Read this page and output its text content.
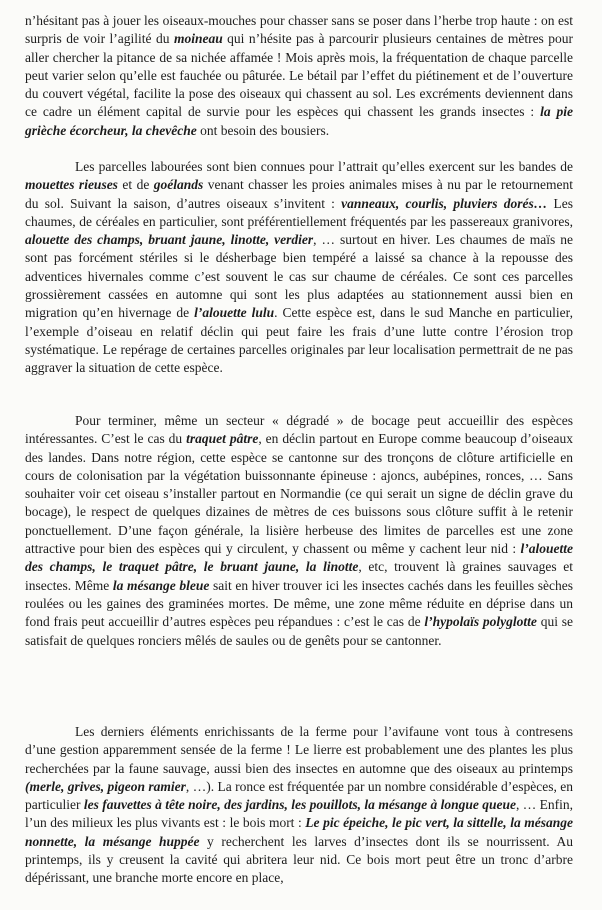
n’hésitant pas à jouer les oiseaux-mouches pour chasser sans se poser dans l’herbe trop haute : on est surpris de voir l’agilité du moineau qui n’hésite pas à parcourir plusieurs centaines de mètres pour aller chercher la pitance de sa nichée affamée ! Mois après mois, la fréquentation de chaque parcelle peut varier selon qu’elle est fauchée ou pâturée. Le bétail par l’effet du piétinement et de l’ouverture du couvert végétal, facilite la pose des oiseaux qui chassent au sol. Les excréments deviennent dans ce cadre un élément capital de survie pour les espèces qui chassent les grands insectes : la pie grièche écorcheur, la chevêche ont besoin des bousiers.

Les parcelles labourées sont bien connues pour l’attrait qu’elles exercent sur les bandes de mouettes rieuses et de goélands venant chasser les proies animales mises à nu par le retournement du sol. Suivant la saison, d’autres oiseaux s’invitent : vanneaux, courlis, pluviers dorés… Les chaumes, de céréales en particulier, sont préférentiellement fréquentés par les passereaux granivores, alouette des champs, bruant jaune, linotte, verdier, … surtout en hiver. Les chaumes de maïs ne sont pas forcément stériles si le désherbage bien tempéré a laissé sa chance à la repousse des adventices hivernales comme c’est souvent le cas sur chaume de céréales. Ce sont ces parcelles grossièrement cassées en automne qui sont les plus adaptées au stationnement aussi bien en migration qu’en hivernage de l’alouette lulu. Cette espèce est, dans le sud Manche en particulier, l’exemple d’oiseau en relatif déclin qui peut faire les frais d’une lutte contre l’érosion trop systématique. Le repérage de certaines parcelles originales par leur localisation permettrait de ne pas aggraver la situation de cette espèce.

Pour terminer, même un secteur « dégradé » de bocage peut accueillir des espèces intéressantes. C’est le cas du traquet pâtre, en déclin partout en Europe comme beaucoup d’oiseaux des landes. Dans notre région, cette espèce se cantonne sur des tronçons de clôture artificielle en cours de colonisation par la végétation buissonnante épineuse : ajoncs, aubépines, ronces, … Sans souhaiter voir cet oiseau s’installer partout en Normandie (ce qui serait un signe de déclin grave du bocage), le respect de quelques dizaines de mètres de ces buissons sous clôture suffit à le retenir ponctuellement. D’une façon générale, la lisière herbeuse des limites de parcelles est une zone attractive pour bien des espèces qui y circulent, y chassent ou même y cachent leur nid : l’alouette des champs, le traquet pâtre, le bruant jaune, la linotte, etc, trouvent là graines sauvages et insectes. Même la mésange bleue sait en hiver trouver ici les insectes cachés dans les feuilles sèches roulées ou les gaines des graminées mortes. De même, une zone même réduite en déprise dans un fond frais peut accueillir d’autres espèces peu répandues : c’est le cas de l’hypolaïs polyglotte qui se satisfait de quelques ronciers mêlés de saules ou de genêts pour se cantonner.

Les derniers éléments enrichissants de la ferme pour l’avifaune vont tous à contresens d’une gestion apparemment sensée de la ferme ! Le lierre est probablement une des plantes les plus recherchées par la faune sauvage, aussi bien des insectes en automne que des oiseaux au printemps (merle, grives, pigeon ramier, …). La ronce est fréquentée par un nombre considérable d’espèces, en particulier les fauvettes à tête noire, des jardins, les pouillots, la mésange à longue queue, … Enfin, l’un des milieux les plus vivants est : le bois mort : Le pic épeiche, le pic vert, la sittelle, la mésange nonnette, la mésange huppée y recherchent les larves d’insectes dont ils se nourrissent. Au printemps, ils y creusent la cavité qui abritera leur nid. Ce bois mort peut être un tronc d’arbre dépérissant, une branche morte encore en place,
